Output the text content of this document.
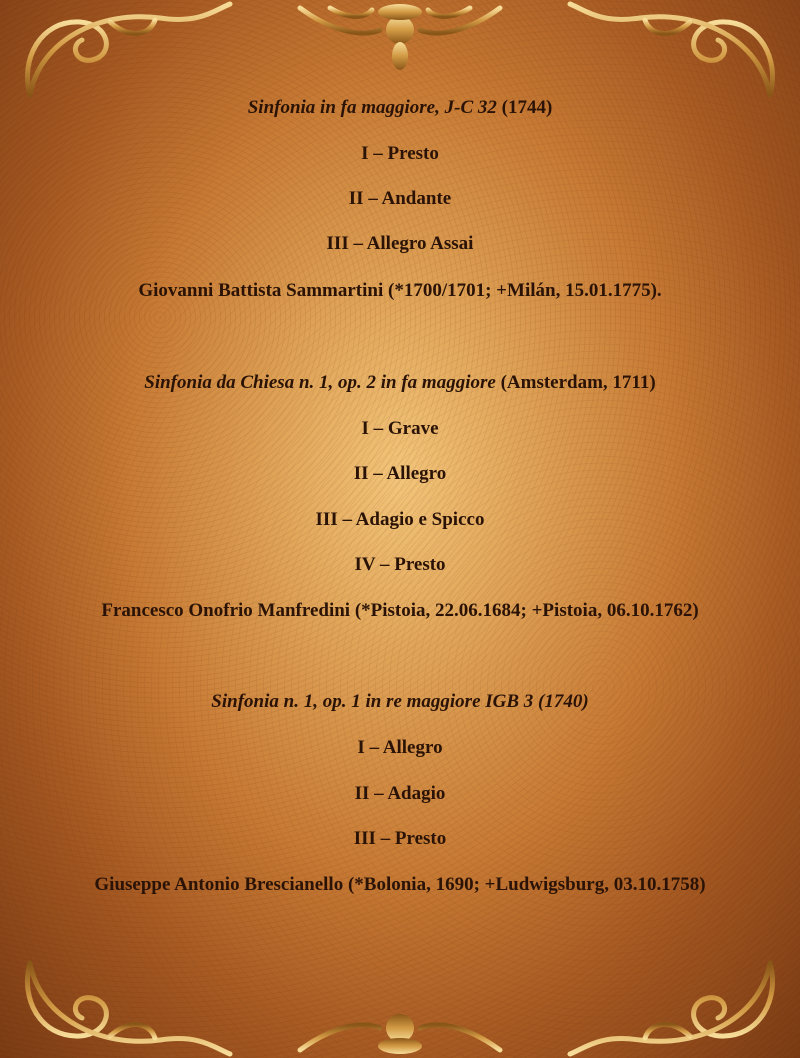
Sinfonia in fa maggiore, J-C 32 (1744)
I – Presto
II – Andante
III – Allegro Assai
Giovanni Battista Sammartini (*1700/1701; +Milán, 15.01.1775).
Sinfonia da Chiesa n. 1, op. 2 in fa maggiore (Amsterdam, 1711)
I – Grave
II – Allegro
III – Adagio e Spicco
IV – Presto
Francesco Onofrio Manfredini (*Pistoia, 22.06.1684; +Pistoia, 06.10.1762)
Sinfonia n. 1, op. 1 in re maggiore IGB 3 (1740)
I – Allegro
II – Adagio
III – Presto
Giuseppe Antonio Brescianello (*Bolonia, 1690; +Ludwigsburg, 03.10.1758)
